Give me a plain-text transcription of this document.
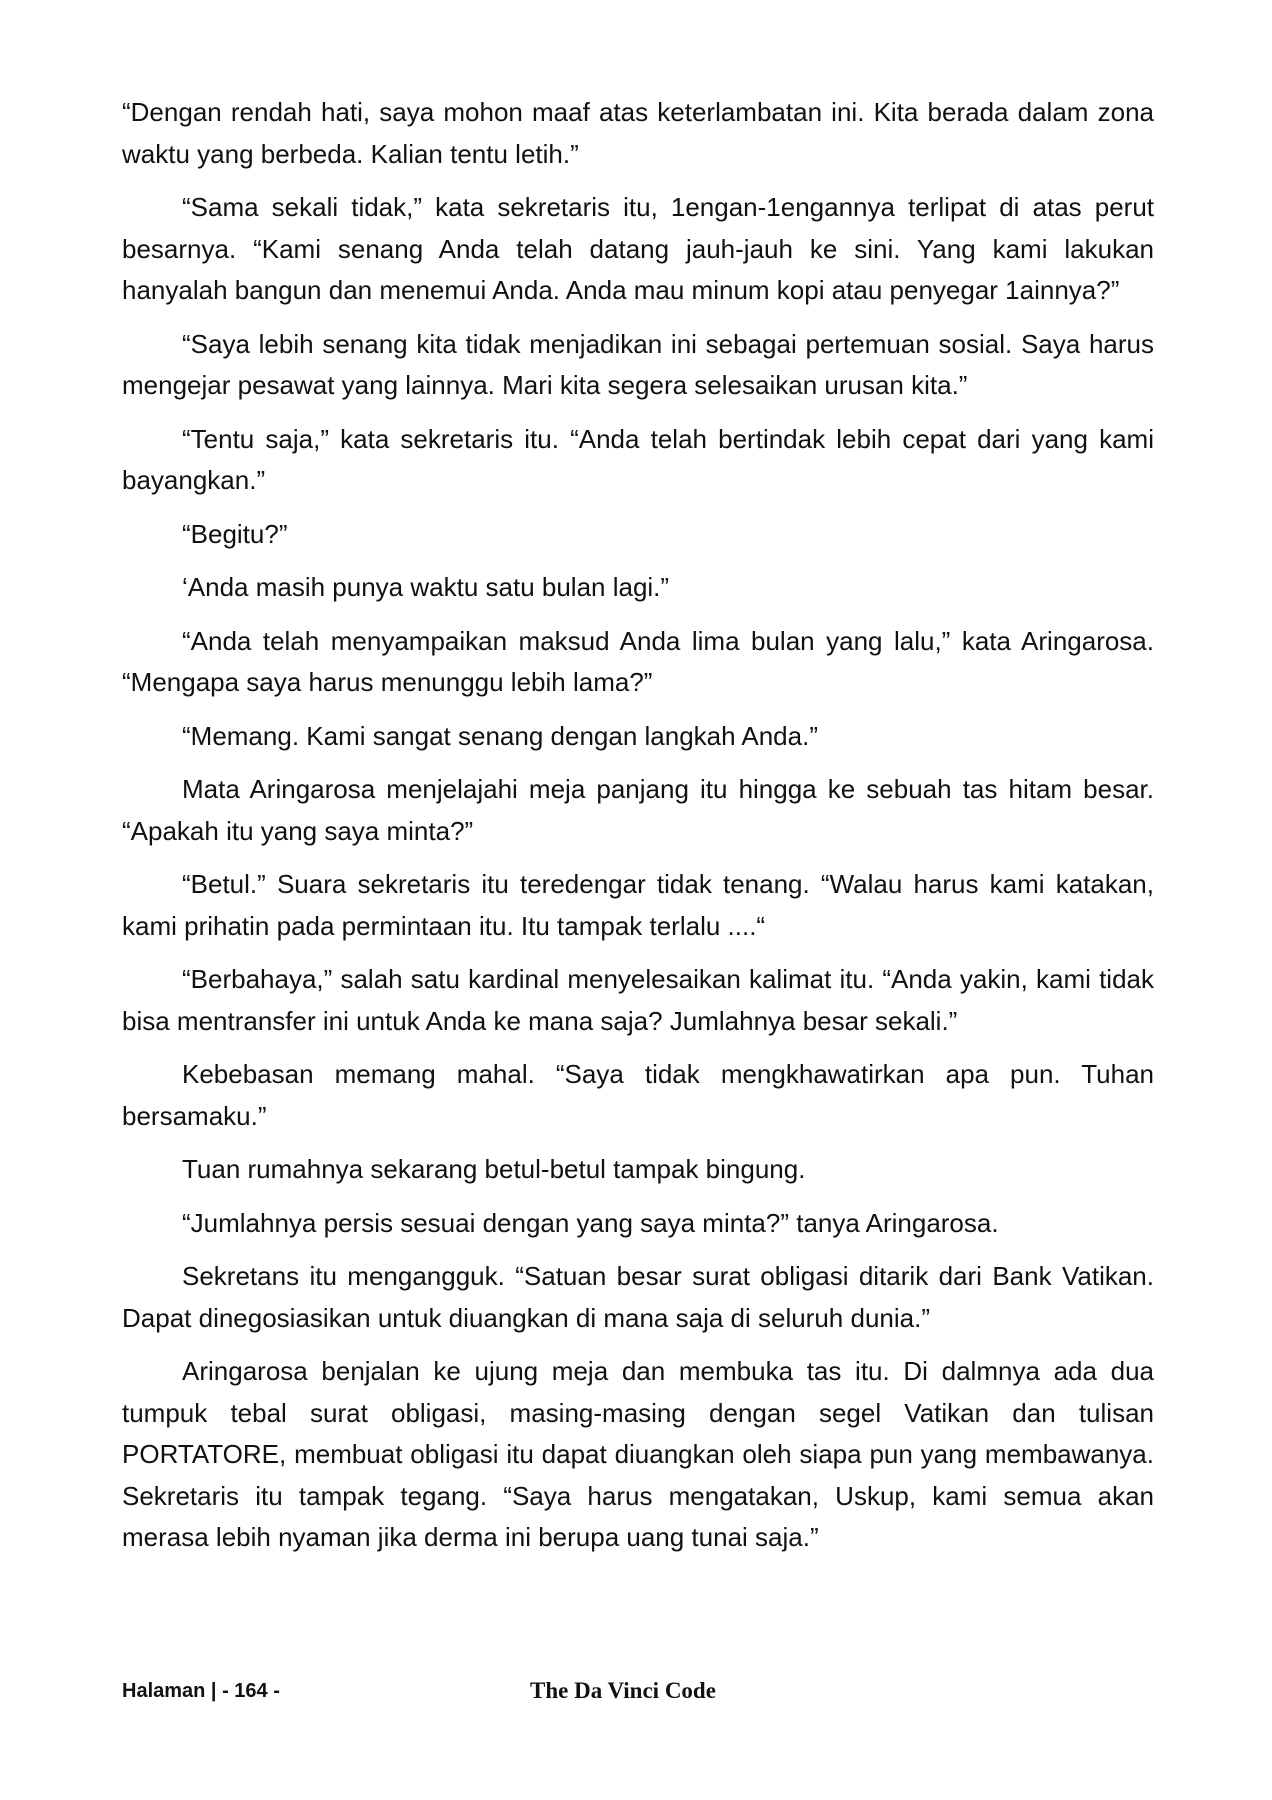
“Dengan rendah hati, saya mohon maaf atas keterlambatan ini. Kita berada dalam zona waktu yang berbeda. Kalian tentu letih.”

“Sama sekali tidak,” kata sekretaris itu, 1engan-1engannya terlipat di atas perut besarnya. “Kami senang Anda telah datang jauh-jauh ke sini. Yang kami lakukan hanyalah bangun dan menemui Anda. Anda mau minum kopi atau penyegar 1ainnya?”

“Saya lebih senang kita tidak menjadikan ini sebagai pertemuan sosial. Saya harus mengejar pesawat yang lainnya. Mari kita segera selesaikan urusan kita.”

“Tentu saja,” kata sekretaris itu. “Anda telah bertindak lebih cepat dari yang kami bayangkan.”

“Begitu?”

‘Anda masih punya waktu satu bulan lagi.”

“Anda telah menyampaikan maksud Anda lima bulan yang lalu,” kata Aringarosa. “Mengapa saya harus menunggu lebih lama?”

“Memang. Kami sangat senang dengan langkah Anda.”

Mata Aringarosa menjelajahi meja panjang itu hingga ke sebuah tas hitam besar. “Apakah itu yang saya minta?”

“Betul.” Suara sekretaris itu teredengar tidak tenang. “Walau harus kami katakan, kami prihatin pada permintaan itu. Itu tampak terlalu ....“

“Berbahaya,” salah satu kardinal menyelesaikan kalimat itu. “Anda yakin, kami tidak bisa mentransfer ini untuk Anda ke mana saja? Jumlahnya besar sekali.”

Kebebasan memang mahal. “Saya tidak mengkhawatirkan apa pun. Tuhan bersamaku.”

Tuan rumahnya sekarang betul-betul tampak bingung.

“Jumlahnya persis sesuai dengan yang saya minta?” tanya Aringarosa.

Sekretans itu mengangguk. “Satuan besar surat obligasi ditarik dari Bank Vatikan. Dapat dinegosiasikan untuk diuangkan di mana saja di seluruh dunia.”

Aringarosa benjalan ke ujung meja dan membuka tas itu. Di dalmnya ada dua tumpuk tebal surat obligasi, masing-masing dengan segel Vatikan dan tulisan PORTATORE, membuat obligasi itu dapat diuangkan oleh siapa pun yang membawanya. Sekretaris itu tampak tegang. “Saya harus mengatakan, Uskup, kami semua akan merasa lebih nyaman jika derma ini berupa uang tunai saja.”

Halaman | - 164 -	The Da Vinci Code
